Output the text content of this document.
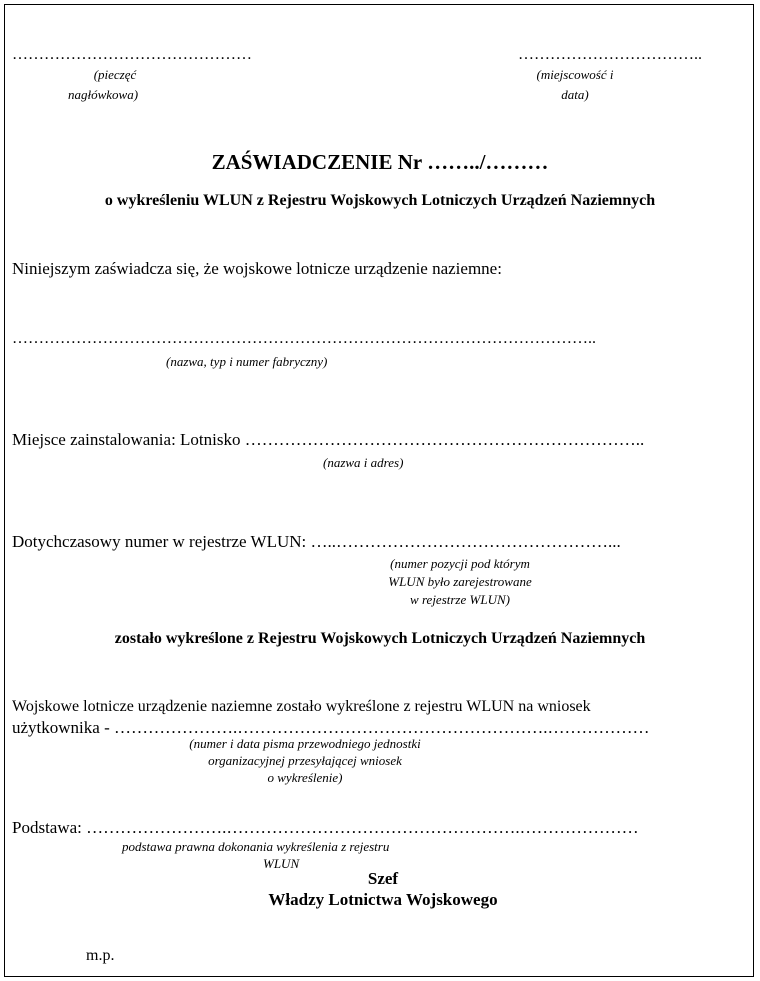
………………………………………
(pieczęć
nagłówkowa)
……………………………..
(miejscowość i
data)
ZAŚWIADCZENIE Nr ……../………
o wykreśleniu WLUN z Rejestru Wojskowych Lotniczych Urządzeń Naziemnych
Niniejszym zaświadcza się, że wojskowe lotnicze urządzenie naziemne:
………………………………………………………………………………………………..
(nazwa, typ i numer fabryczny)
Miejsce zainstalowania: Lotnisko ……………………………………………………………..
(nazwa i adres)
Dotychczasowy numer w rejestrze WLUN: …..…………………………………………...
(numer pozycji pod którym
WLUN było zarejestrowane
w rejestrze WLUN)
zostało wykreślone z Rejestru Wojskowych Lotniczych Urządzeń Naziemnych
Wojskowe lotnicze urządzenie naziemne zostało wykreślone z rejestru WLUN na wniosek
użytkownika - ………………….……………………………………………….………………
(numer i data pisma przewodniego jednostki
organizacyjnej przesyłającej wniosek
o wykreślenie)
Podstawa: …………………….…………………………………………….…………………
podstawa prawna dokonania wykreślenia z rejestru
WLUN
Szef
Władzy Lotnictwa Wojskowego
m.p.
